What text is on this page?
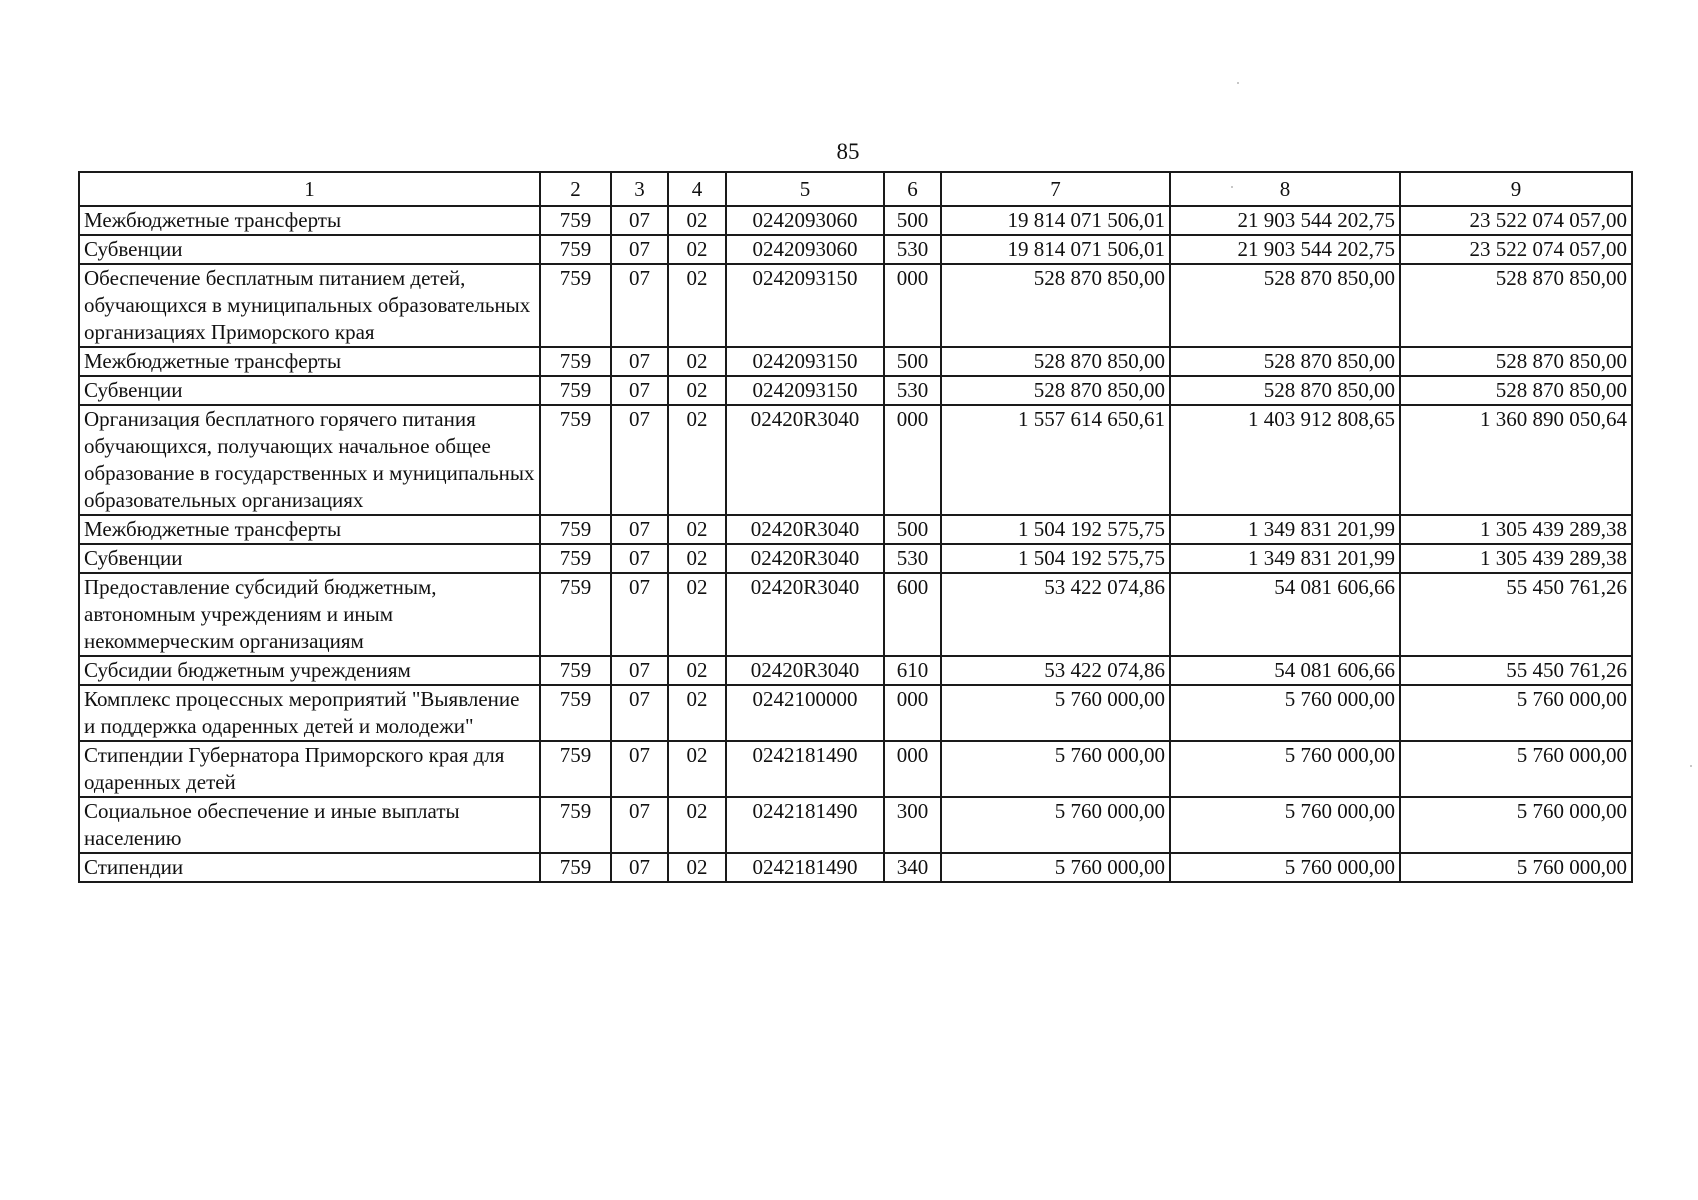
85
1	2	3	4	5	6	7	8	9
Межбюджетные трансферты	759	07	02	0242093060	500	19 814 071 506,01	21 903 544 202,75	23 522 074 057,00
Субвенции	759	07	02	0242093060	530	19 814 071 506,01	21 903 544 202,75	23 522 074 057,00
Обеспечение бесплатным питанием детей, обучающихся в муниципальных образовательных организациях Приморского края	759	07	02	0242093150	000	528 870 850,00	528 870 850,00	528 870 850,00
Межбюджетные трансферты	759	07	02	0242093150	500	528 870 850,00	528 870 850,00	528 870 850,00
Субвенции	759	07	02	0242093150	530	528 870 850,00	528 870 850,00	528 870 850,00
Организация бесплатного горячего питания обучающихся, получающих начальное общее образование в государственных и муниципальных образовательных организациях	759	07	02	02420R3040	000	1 557 614 650,61	1 403 912 808,65	1 360 890 050,64
Межбюджетные трансферты	759	07	02	02420R3040	500	1 504 192 575,75	1 349 831 201,99	1 305 439 289,38
Субвенции	759	07	02	02420R3040	530	1 504 192 575,75	1 349 831 201,99	1 305 439 289,38
Предоставление субсидий бюджетным, автономным учреждениям и иным некоммерческим организациям	759	07	02	02420R3040	600	53 422 074,86	54 081 606,66	55 450 761,26
Субсидии бюджетным учреждениям	759	07	02	02420R3040	610	53 422 074,86	54 081 606,66	55 450 761,26
Комплекс процессных мероприятий "Выявление и поддержка одаренных детей и молодежи"	759	07	02	0242100000	000	5 760 000,00	5 760 000,00	5 760 000,00
Стипендии Губернатора Приморского края для одаренных детей	759	07	02	0242181490	000	5 760 000,00	5 760 000,00	5 760 000,00
Социальное обеспечение и иные выплаты населению	759	07	02	0242181490	300	5 760 000,00	5 760 000,00	5 760 000,00
Стипендии	759	07	02	0242181490	340	5 760 000,00	5 760 000,00	5 760 000,00
